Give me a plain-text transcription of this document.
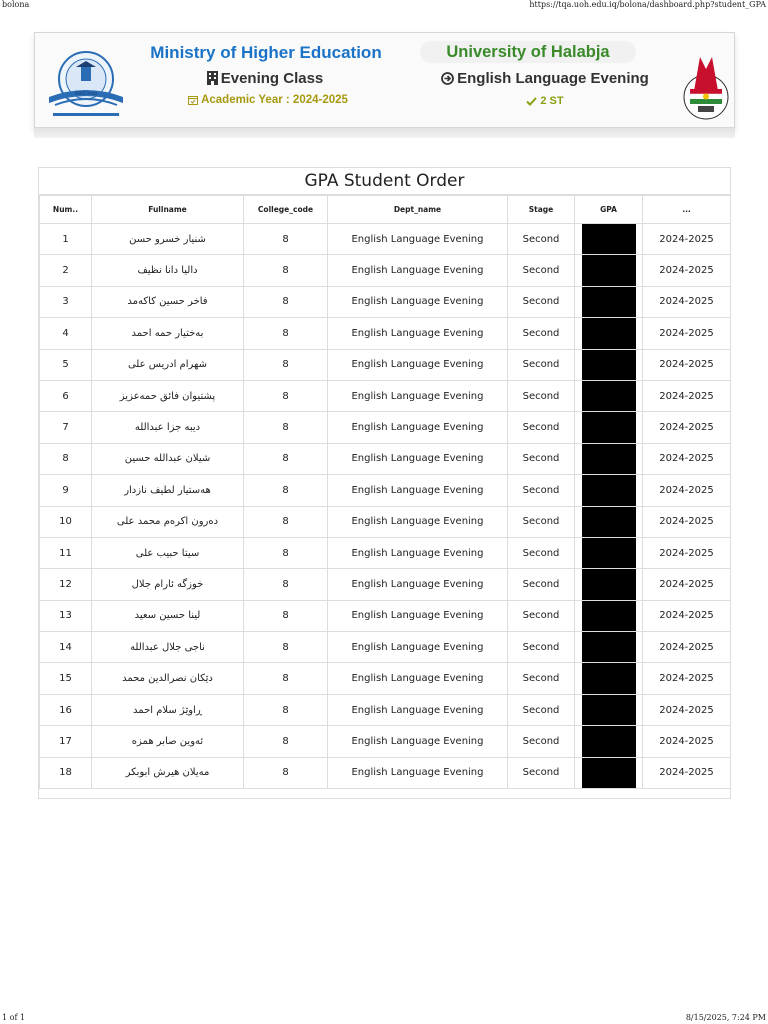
bolona	https://tqa.uoh.edu.iq/bolona/dashboard.php?student_GPA
KRG Iraq
Ministry of Higher Education	University of Halabja
Evening Class	English Language Evening
Academic Year : 2024-2025	2 ST
GPA Student Order
Num..	Fullname	College_code	Dept_name	Stage	GPA	...
1	شنیار خسرو حسن	8	English Language Evening	Second		2024-2025
2	دالیا دانا نظیف	8	English Language Evening	Second		2024-2025
3	فاخر حسین کاکەمد	8	English Language Evening	Second		2024-2025
4	بەختیار حمه احمد	8	English Language Evening	Second		2024-2025
5	شهرام ادریس علی	8	English Language Evening	Second		2024-2025
6	پشتیوان فائق حمەعزیز	8	English Language Evening	Second		2024-2025
7	دیبه جزا عبدالله	8	English Language Evening	Second		2024-2025
8	شیلان عبدالله حسین	8	English Language Evening	Second		2024-2025
9	هەستیار لطیف نازدار	8	English Language Evening	Second		2024-2025
10	دەرون اکرەم محمد علی	8	English Language Evening	Second		2024-2025
11	سیتا حبیب علی	8	English Language Evening	Second		2024-2025
12	خوزگە ئارام جلال	8	English Language Evening	Second		2024-2025
13	لینا حسین سعید	8	English Language Evening	Second		2024-2025
14	ناجی جلال عبدالله	8	English Language Evening	Second		2024-2025
15	دێکان نصرالدین محمد	8	English Language Evening	Second		2024-2025
16	ڕاوێژ سلام احمد	8	English Language Evening	Second		2024-2025
17	ئەوین صابر همزه	8	English Language Evening	Second		2024-2025
18	مەیلان هیرش ابوبکر	8	English Language Evening	Second		2024-2025
1 of 1	8/15/2025, 7:24 PM
